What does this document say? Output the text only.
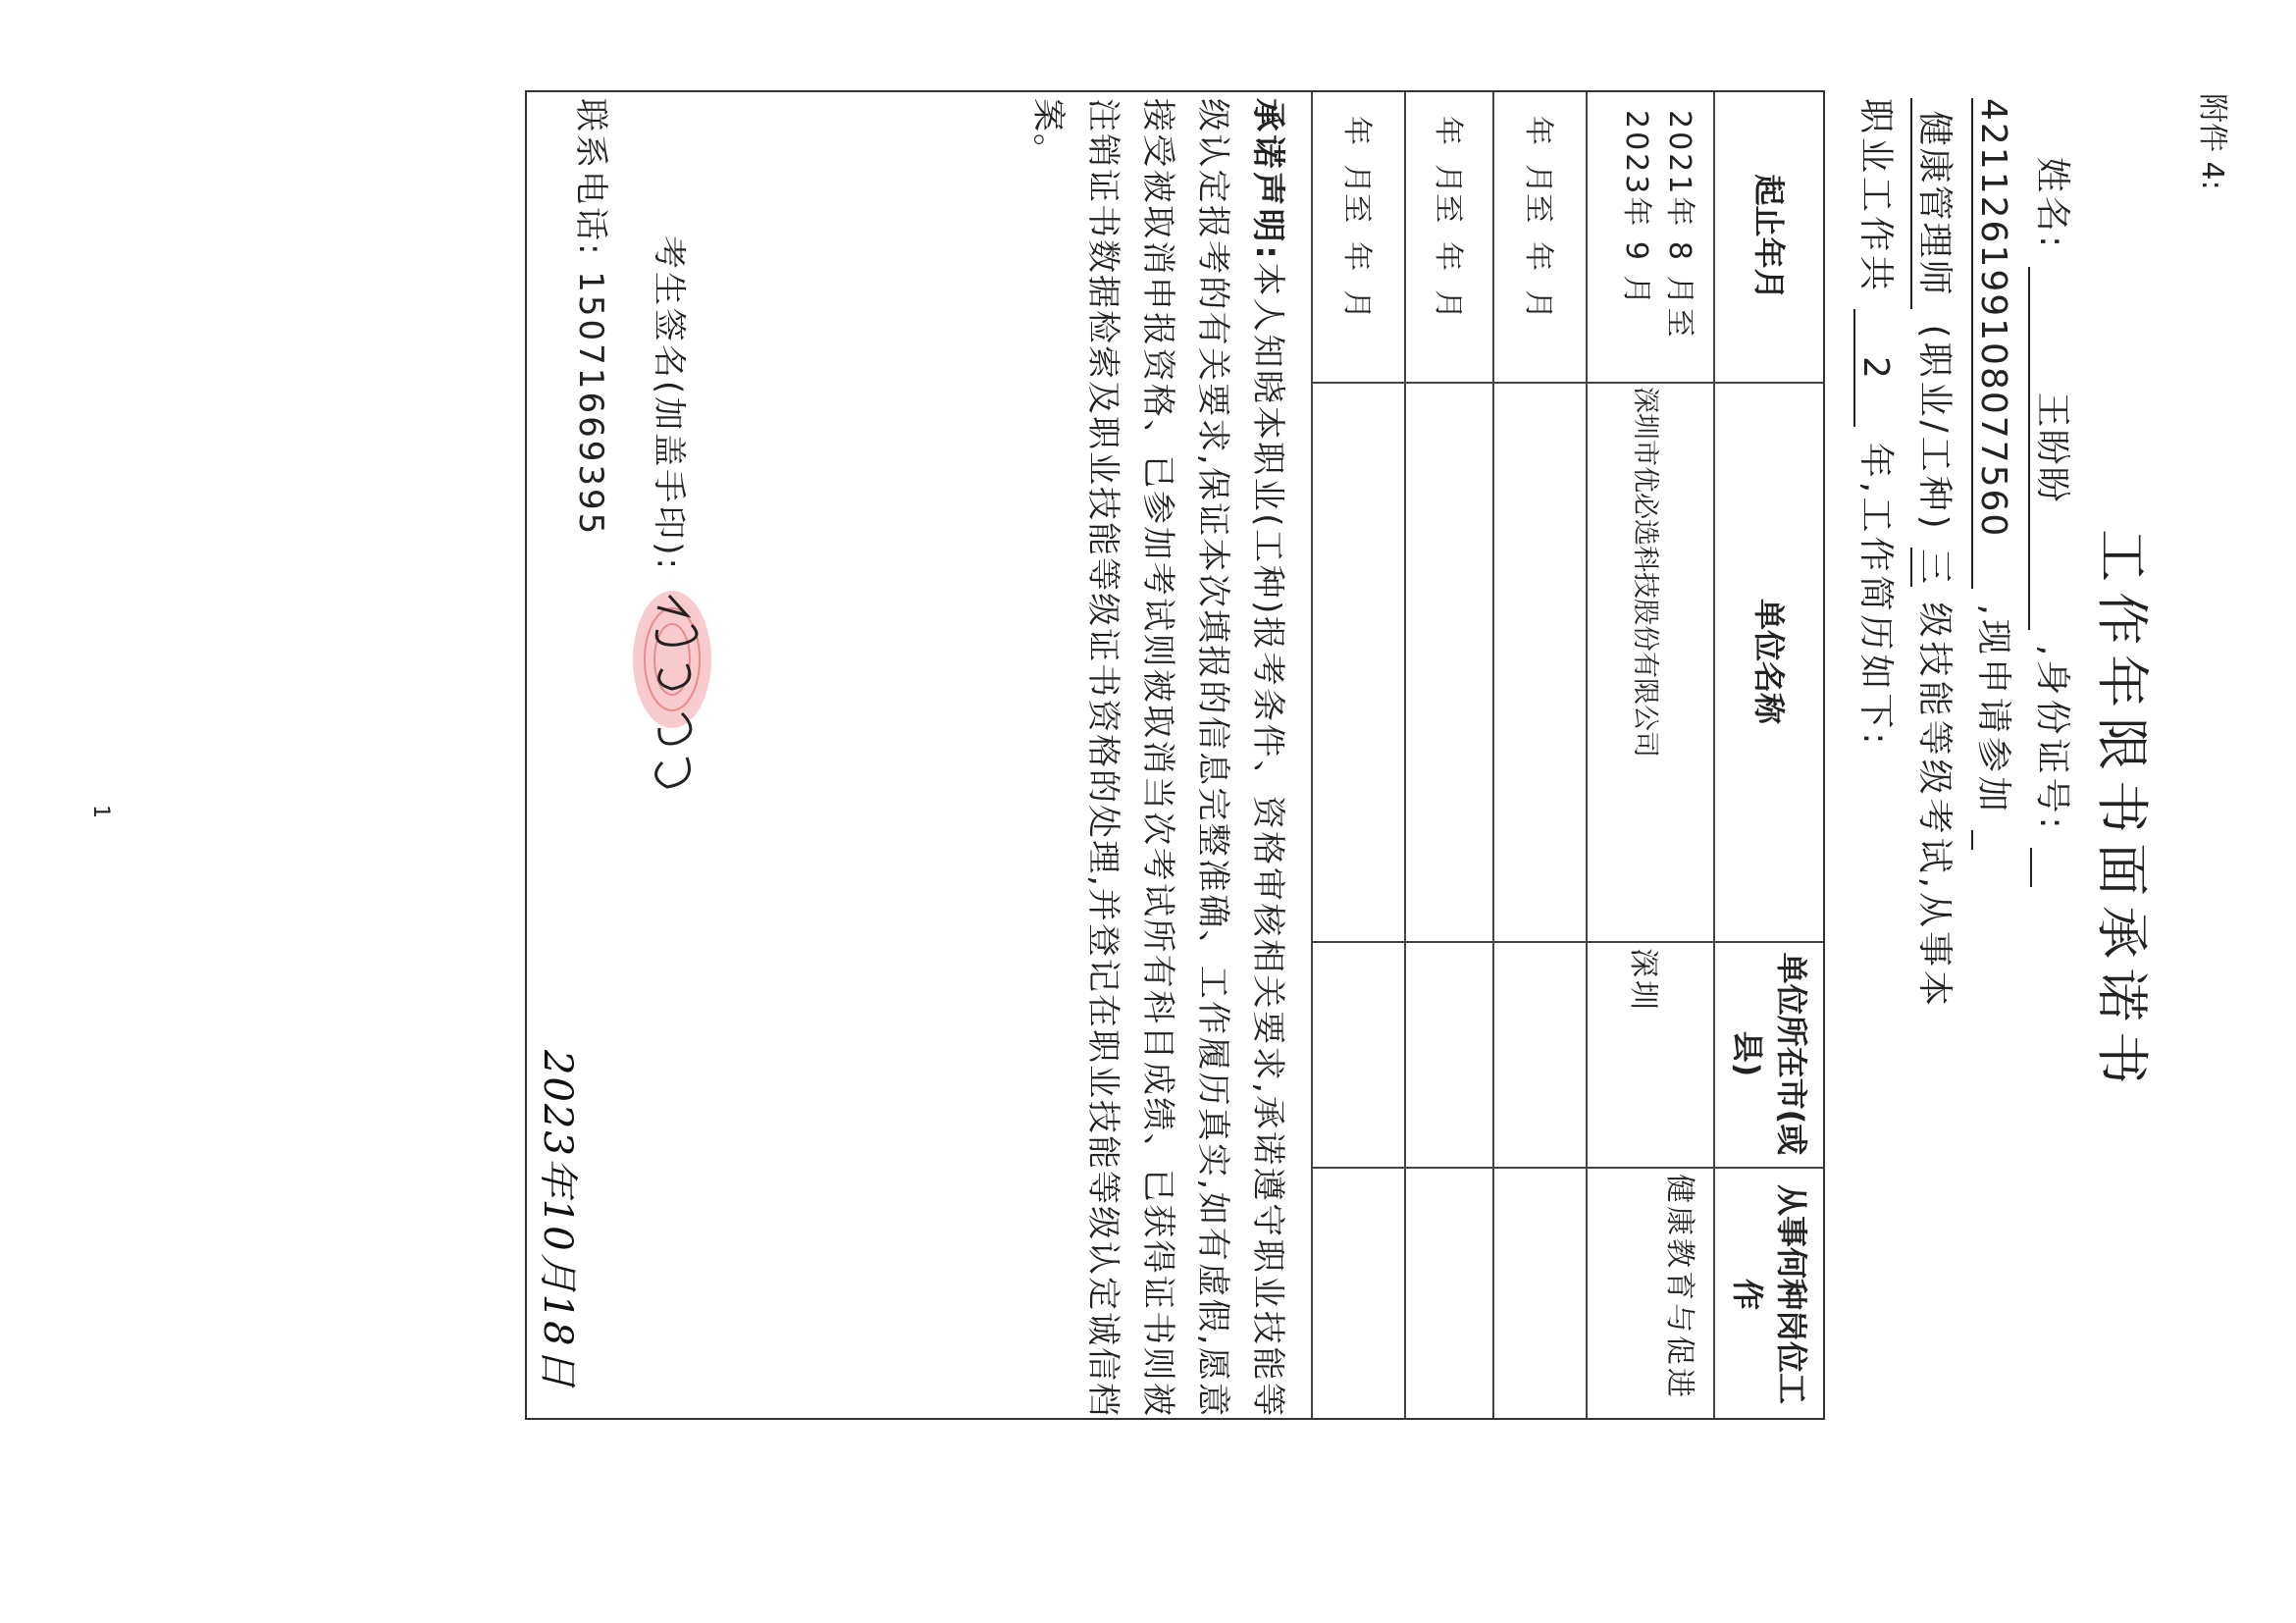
附件 4:
工作年限书面承诺书
姓名: 王盼盼 ,身份证号:
421126199108077560 ,现申请参加
健康管理师 (职业/工种) 三 级技能等级考试,从事本
职业工作共 2 年,工作简历如下:
起止年月
单位名称
单位所在市(或县)
从事何种岗位工作
2021年 8 月至2023年 9 月
深圳市优必选科技股份有限公司
深圳
健康教育与促进
年  月至  年  月
年  月至  年  月
年  月至  年  月
承诺声明:本人知晓本职业(工种)报考条件、资格审核相关要求,承诺遵守职业技能等级认定报考的有关要求,保证本次填报的信息完整准确、工作履历真实,如有虚假,愿意接受被取消申报资格、已参加考试则被取消当次考试所有科目成绩、已获得证书则被注销证书数据检索及职业技能等级证书资格的处理,并登记在职业技能等级认定诚信档案。
考生签名(加盖手印):
联系电话: 15071669395
2023年10月18日
1
